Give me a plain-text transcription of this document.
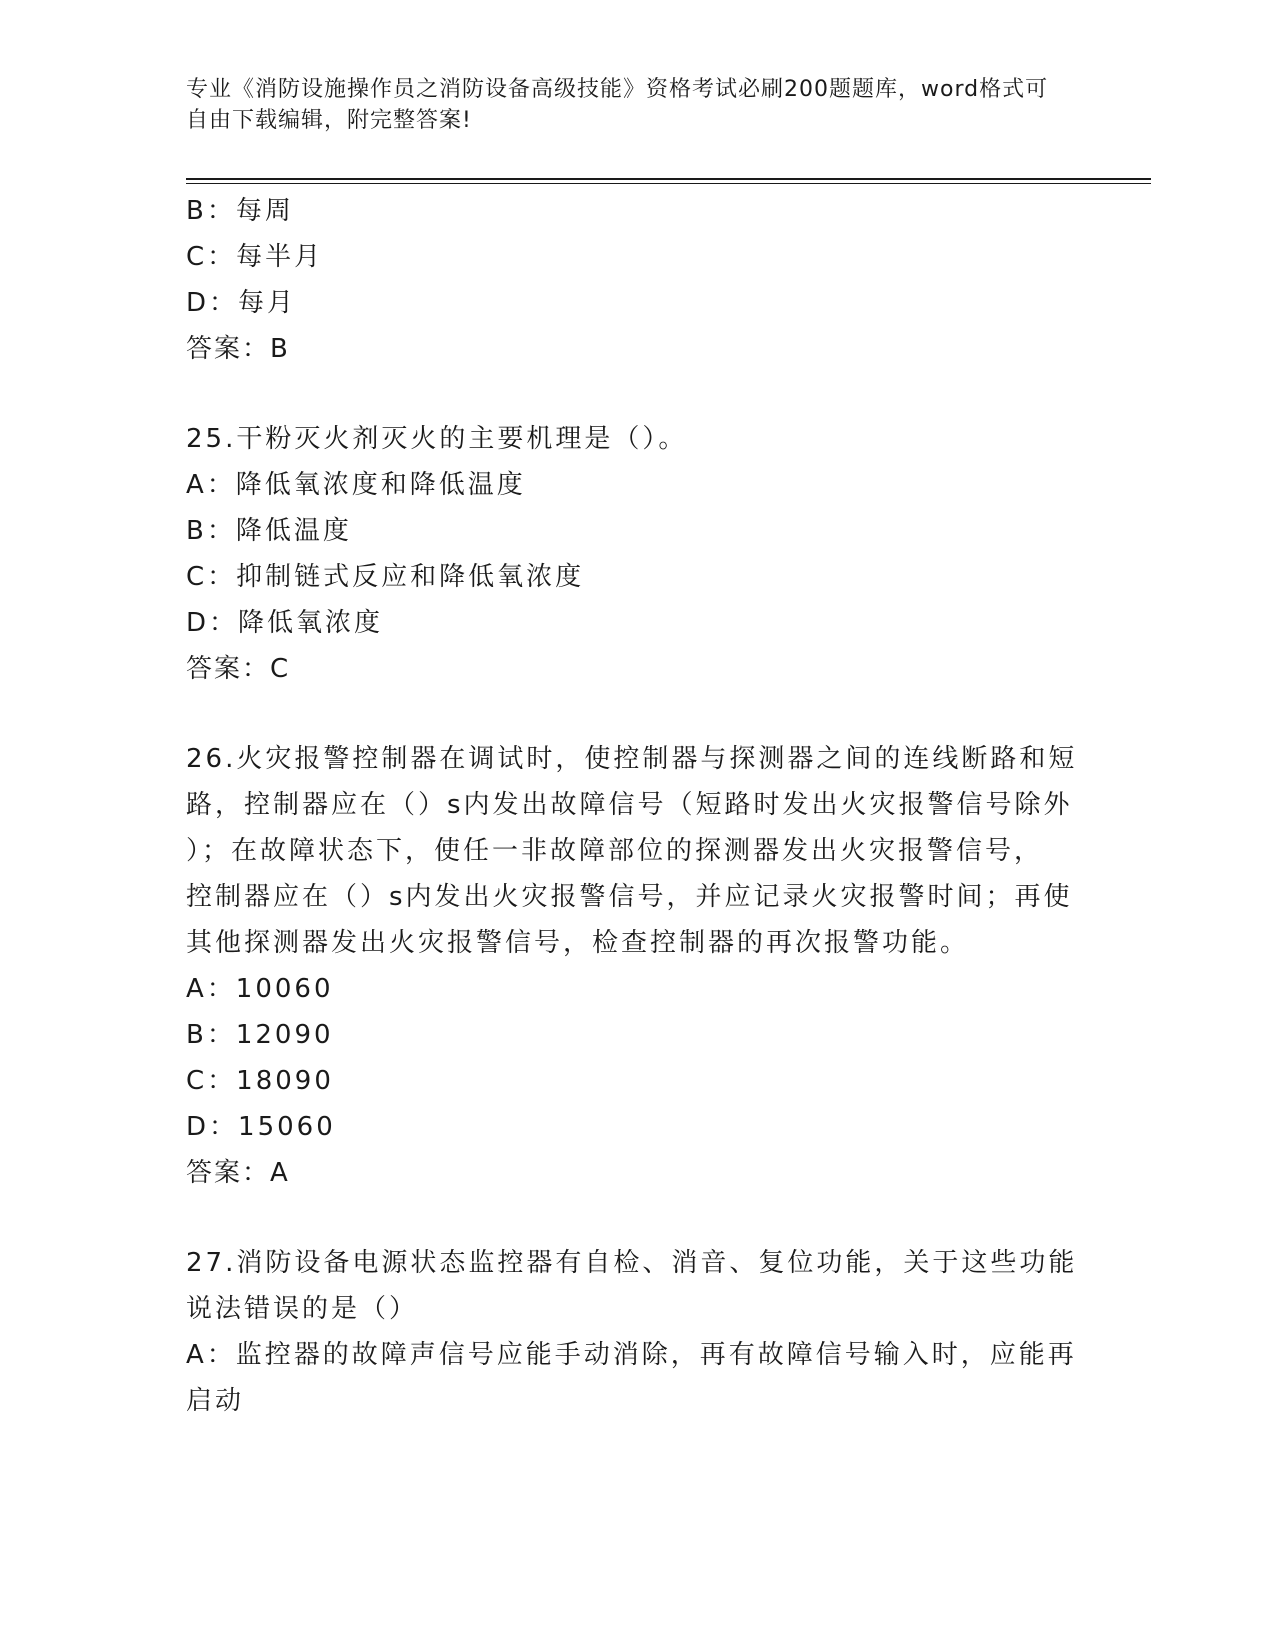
专业《消防设施操作员之消防设备高级技能》资格考试必刷200题题库，word格式可自由下载编辑，附完整答案!
B：每周
C：每半月
D：每月
答案：B
25.干粉灭火剂灭火的主要机理是（）。
A：降低氧浓度和降低温度
B：降低温度
C：抑制链式反应和降低氧浓度
D：降低氧浓度
答案：C
26.火灾报警控制器在调试时，使控制器与探测器之间的连线断路和短
路，控制器应在（）s内发出故障信号（短路时发出火灾报警信号除外
）；在故障状态下，使任一非故障部位的探测器发出火灾报警信号，
控制器应在（）s内发出火灾报警信号，并应记录火灾报警时间；再使
其他探测器发出火灾报警信号，检查控制器的再次报警功能。
A：10060
B：12090
C：18090
D：15060
答案：A
27.消防设备电源状态监控器有自检、消音、复位功能，关于这些功能
说法错误的是（）
A：监控器的故障声信号应能手动消除，再有故障信号输入时，应能再
启动
